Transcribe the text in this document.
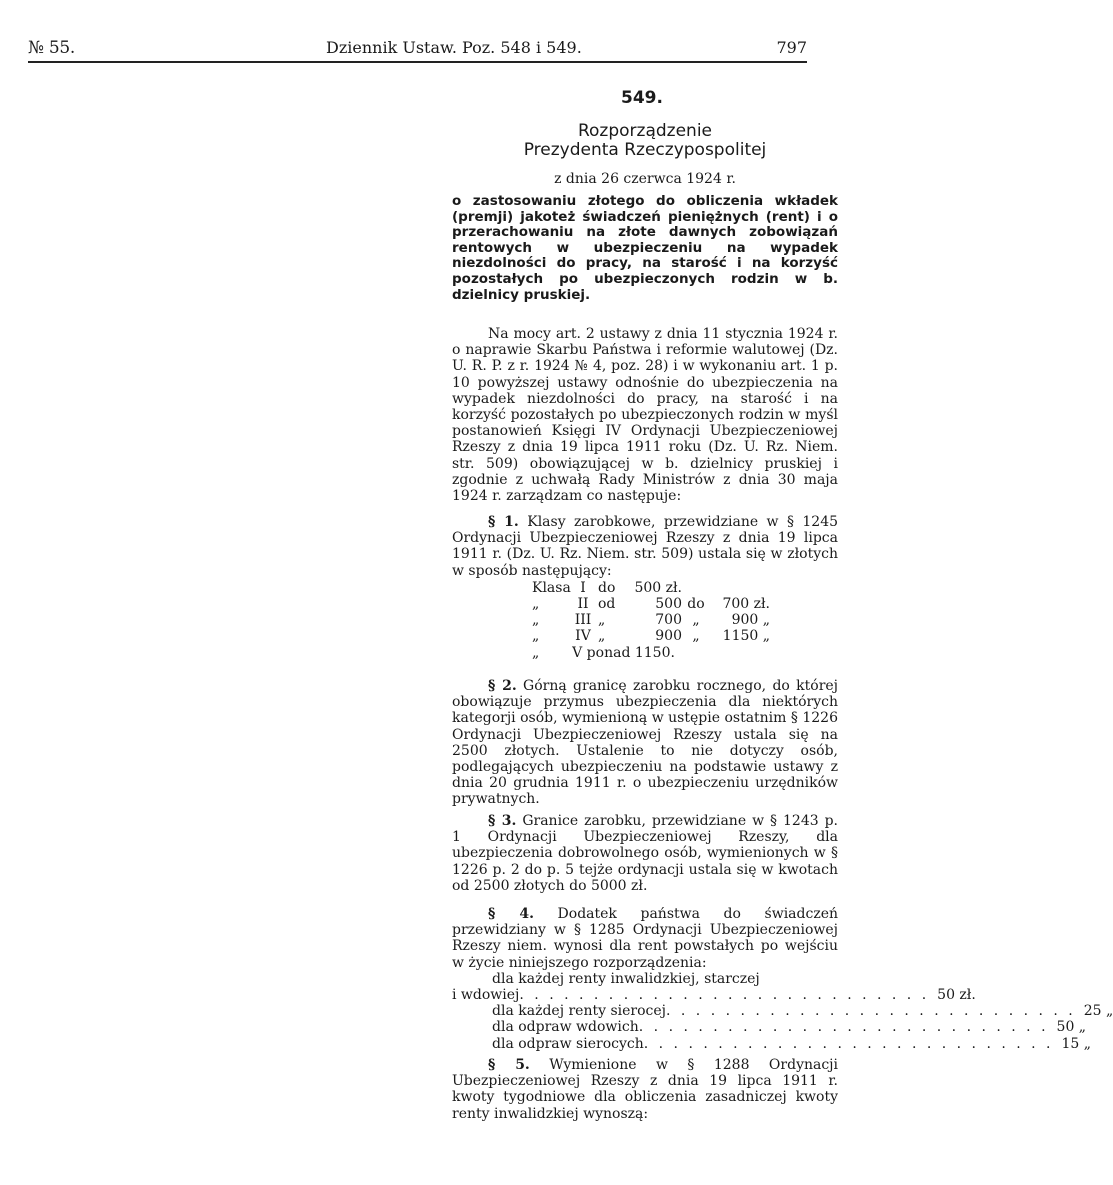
№ 55.	Dziennik Ustaw. Poz. 548 i 549.	797
549.
Rozporządzenie
Prezydenta Rzeczypospolitej
z dnia 26 czerwca 1924 r.
o zastosowaniu złotego do obliczenia wkładek (premji) jakoteż świadczeń pieniężnych (rent) i o przerachowaniu na złote dawnych zobowiązań rentowych w ubezpieczeniu na wypadek niezdolności do pracy, na starość i na korzyść pozostałych po ubezpieczonych rodzin w b. dzielnicy pruskiej.

Na mocy art. 2 ustawy z dnia 11 stycznia 1924 r. o naprawie Skarbu Państwa i reformie walutowej (Dz. U. R. P. z r. 1924 № 4, poz. 28) i w wykonaniu art. 1 p. 10 powyższej ustawy odnośnie do ubezpieczenia na wypadek niezdolności do pracy, na starość i na korzyść pozostałych po ubezpieczonych rodzin w myśl postanowień Księgi IV Ordynacji Ubezpieczeniowej Rzeszy z dnia 19 lipca 1911 roku (Dz. U. Rz. Niem. str. 509) obowiązującej w b. dzielnicy pruskiej i zgodnie z uchwałą Rady Ministrów z dnia 30 maja 1924 r. zarządzam co następuje:

§ 1. Klasy zarobkowe, przewidziane w § 1245 Ordynacji Ubezpieczeniowej Rzeszy z dnia 19 lipca 1911 r. (Dz. U. Rz. Niem. str. 509) ustala się w złotych w sposób następujący:

Klasa I do	500 zł.
„	II od	500 do	700 zł.
„	III „	700 „	900 „
„	IV „	900 „	1150 „
„	V ponad 1150.

§ 2. Górną granicę zarobku rocznego, do której obowiązuje przymus ubezpieczenia dla niektórych kategorji osób, wymienioną w ustępie ostatnim § 1226 Ordynacji Ubezpieczeniowej Rzeszy ustala się na 2500 złotych. Ustalenie to nie dotyczy osób, podlegających ubezpieczeniu na podstawie ustawy z dnia 20 grudnia 1911 r. o ubezpieczeniu urzędników prywatnych.

§ 3. Granice zarobku, przewidziane w § 1243 p. 1 Ordynacji Ubezpieczeniowej Rzeszy, dla ubezpieczenia dobrowolnego osób, wymienionych w § 1226 p. 2 do p. 5 tejże ordynacji ustala się w kwotach od 2500 złotych do 5000 zł.

§ 4. Dodatek państwa do świadczeń przewidziany w § 1285 Ordynacji Ubezpieczeniowej Rzeszy niem. wynosi dla rent powstałych po wejściu w życie niniejszego rozporządzenia:

dla każdej renty inwalidzkiej, starczej
i wdowiej . . . . . . . . . . . . . . . . . . . . . . . . . . . . 50 zł.
dla każdej renty sierocej . . . . . . . . . . . . . . . . . . . . . . . . . . . . 25 „
dla odpraw wdowich . . . . . . . . . . . . . . . . . . . . . . . . . . . . 50 „
dla odpraw sierocych . . . . . . . . . . . . . . . . . . . . . . . . . . . . 15 „

§ 5. Wymienione w § 1288 Ordynacji Ubezpieczeniowej Rzeszy z dnia 19 lipca 1911 r. kwoty tygodniowe dla obliczenia zasadniczej kwoty renty inwalidzkiej wynoszą:
